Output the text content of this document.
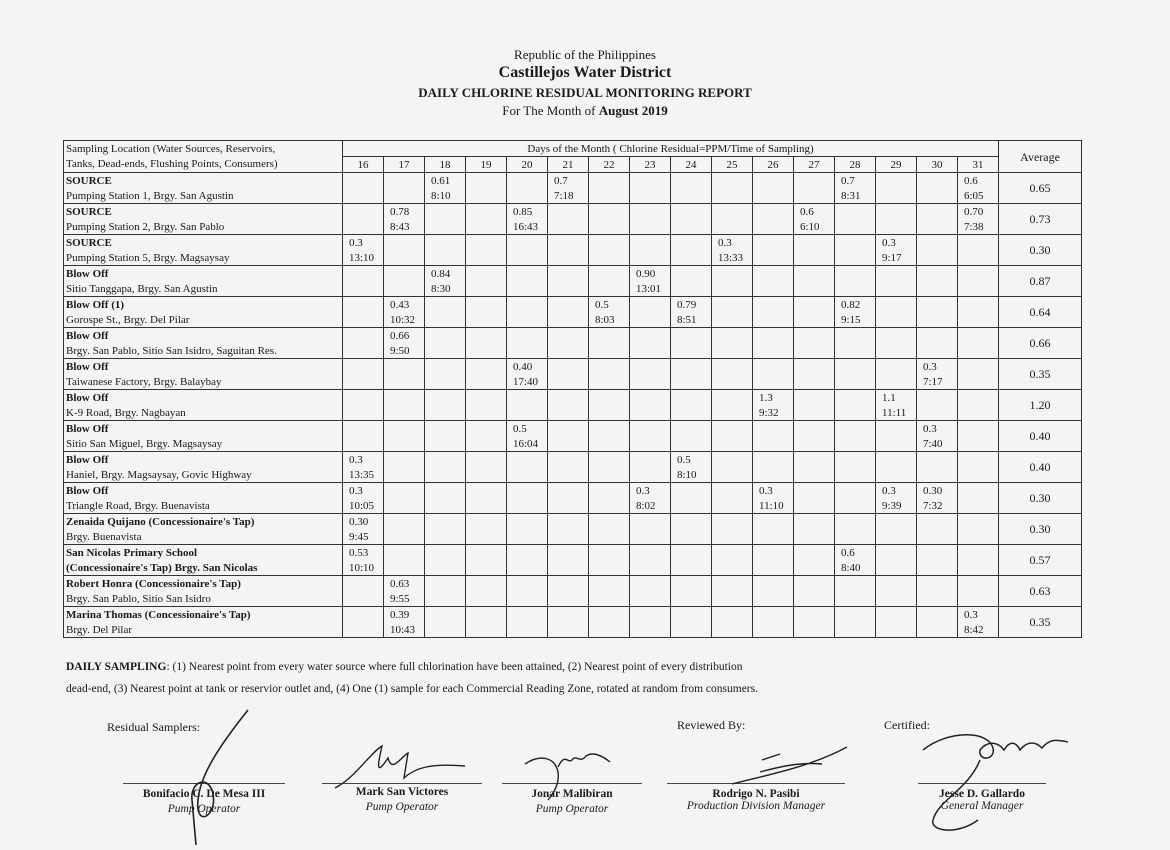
Republic of the Philippines
Castillejos Water District
DAILY CHLORINE RESIDUAL MONITORING REPORT
For The Month of August 2019
Sampling Location (Water Sources, Reservoirs,	Days of the Month ( Chlorine Residual=PPM/Time of Sampling)																Average
Tanks, Dead-ends, Flushing Points, Consumers)	16	17	18	19	20	21	22	23	24	25	26	27	28	29	30	31	
SOURCE			0.61			0.7							0.7			0.6	0.65
Pumping Station 1, Brgy. San Agustin			8:10			7:18							8:31			6:05	
SOURCE		0.78			0.85							0.6				0.70	0.73
Pumping Station 2, Brgy. San Pablo		8:43			16:43							6:10				7:38	
SOURCE	0.3									0.3				0.3			0.30
Pumping Station 5, Brgy. Magsaysay	13:10									13:33				9:17			
Blow Off			0.84					0.90									0.87
Sitio Tanggapa, Brgy. San Agustin			8:30					13:01									
Blow Off (1)		0.43					0.5		0.79				0.82				0.64
Gorospe St., Brgy. Del Pilar		10:32					8:03		8:51				9:15				
Blow Off		0.66															0.66
Brgy. San Pablo, Sitio San Isidro, Saguitan Res.		9:50															
Blow Off					0.40										0.3		0.35
Taiwanese Factory, Brgy. Balaybay					17:40										7:17		
Blow Off											1.3			1.1			1.20
K-9 Road, Brgy. Nagbayan											9:32			11:11			
Blow Off					0.5										0.3		0.40
Sitio San Miguel, Brgy. Magsaysay					16:04										7:40		
Blow Off	0.3								0.5								0.40
Haniel, Brgy. Magsaysay, Govic Highway	13:35								8:10								
Blow Off	0.3							0.3			0.3			0.3	0.30		0.30
Triangle Road, Brgy. Buenavista	10:05							8:02			11:10			9:39	7:32		
Zenaida Quijano (Concessionaire's Tap)	0.30																0.30
Brgy. Buenavista	9:45																
San Nicolas Primary School	0.53												0.6				0.57
(Concessionaire's Tap) Brgy. San Nicolas	10:10												8:40				
Robert Honra (Concessionaire's Tap)		0.63															0.63
Brgy. San Pablo, Sitio San Isidro		9:55															
Marina Thomas (Concessionaire's Tap)		0.39														0.3	0.35
Brgy. Del Pilar		10:43														8:42	
DAILY SAMPLING: (1) Nearest point from every water source where full chlorination have been attained, (2) Nearest point of every distribution
dead-end, (3) Nearest point at tank or reservior outlet and, (4) One (1) sample for each Commercial Reading Zone, rotated at random from consumers.
Residual Samplers:	Reviewed By:	Certified:
Bonifacio C. De Mesa III
Pump Operator
Mark San Victores
Pump Operator
Jonar Malibiran
Pump Operator
Rodrigo N. Pasibi
Production Division Manager
Jesse D. Gallardo
General Manager
